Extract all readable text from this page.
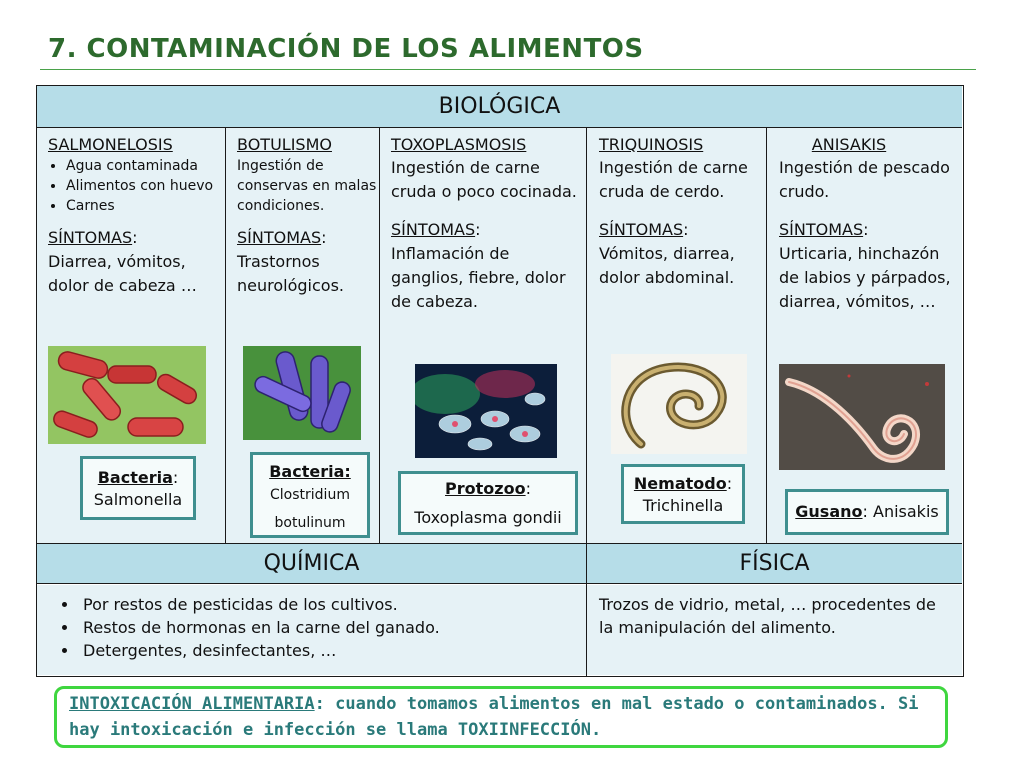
7. CONTAMINACIÓN DE LOS ALIMENTOS
BIOLÓGICA
SALMONELOSIS
• Agua contaminada
• Alimentos con huevo
• Carnes
SÍNTOMAS:
Diarrea, vómitos, dolor de cabeza …
Bacteria:
Salmonella
BOTULISMO
Ingestión de conservas en malas condiciones.
SÍNTOMAS:
Trastornos neurológicos.
Bacteria:
Clostridium
botulinum
TOXOPLASMOSIS
Ingestión de carne cruda o poco cocinada.
SÍNTOMAS:
Inflamación de ganglios, fiebre, dolor de cabeza.
Protozoo:
Toxoplasma gondii
TRIQUINOSIS
Ingestión de carne cruda de cerdo.
SÍNTOMAS:
Vómitos, diarrea, dolor abdominal.
Nematodo:
Trichinella
ANISAKIS
Ingestión de pescado crudo.
SÍNTOMAS:
Urticaria, hinchazón de labios y párpados, diarrea, vómitos, …
Gusano: Anisakis
QUÍMICA	FÍSICA
• Por restos de pesticidas de los cultivos.
• Restos de hormonas en la carne del ganado.
• Detergentes, desinfectantes, …
Trozos de vidrio, metal, … procedentes de la manipulación del alimento.
INTOXICACIÓN ALIMENTARIA: cuando tomamos alimentos en mal estado o contaminados. Si hay intoxicación e infección se llama TOXIINFECCIÓN.
